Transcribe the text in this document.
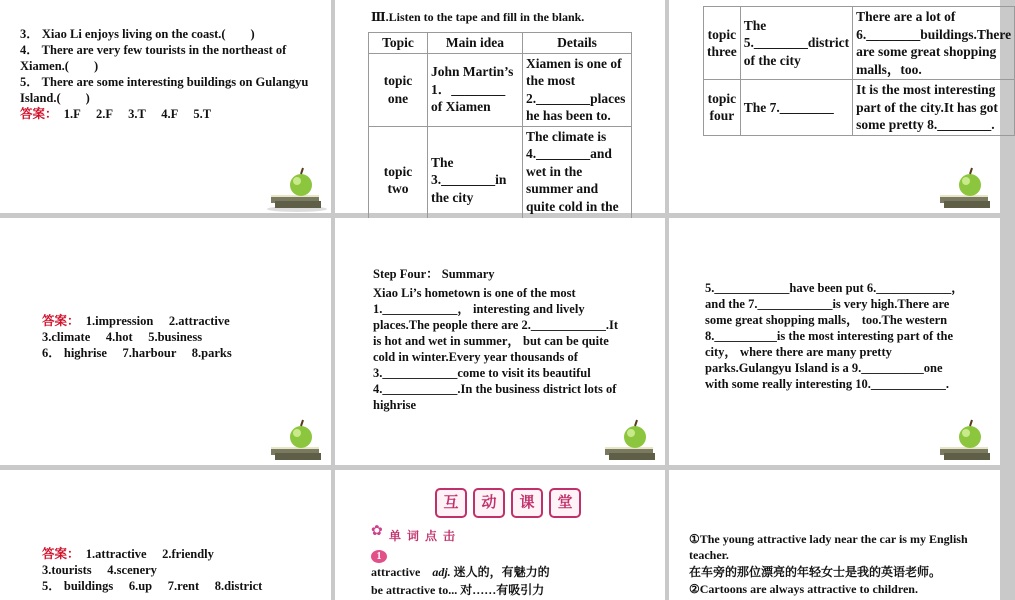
3． Xiao Li enjoys living on the coast.(　　)
4． There are very few tourists in the northeast of Xiamen.(　　)
5． There are some interesting buildings on Gulangyu Island.(　　)
答案：　 1.F　 2.F　 3.T　 4.F　 5.T
Ⅲ.Listen to the tape and fill in the blank.
Topic	Main idea	Details
topic one	John Martin’s 1．________ of Xiamen	Xiamen is one of the most 2.________places he has been to.
topic two	The 3.________in the city	The climate is 4.________and wet in the summer and quite cold in the
topic three	The 5.________district of the city	There are a lot of 6.________buildings.There are some great shopping malls，too.
topic four	The 7.________	It is the most interesting part of the city.It has got some pretty 8.________.
答案：　 1.impression　 2.attractive
3.climate　 4.hot　 5.business
6． highrise　 7.harbour　 8.parks
Step Four： Summary
Xiao Li’s hometown is one of the most 1.____________， interesting and lively places.The people there are 2.____________.It is hot and wet in summer， but can be quite cold in winter.Every year thousands of 3.____________come to visit its beautiful 4.____________.In the business district lots of highrise
5.____________have been put 6.____________，and the 7.____________is very high.There are some great shopping malls， too.The western 8.__________is the most interesting part of the city， where there are many pretty parks.Gulangyu Island is a 9.__________one with some really interesting 10.____________.
答案：　 1.attractive　 2.friendly
3.tourists　 4.scenery
5． buildings　 6.up　 7.rent　 8.district
互	动	课	堂
✿ 单词点击
1
attractive　 adj. 迷人的，有魅力的
be attractive to... 对……有吸引力
①The young attractive lady near the car is my English teacher.
在车旁的那位漂亮的年轻女士是我的英语老师。
②Cartoons are always attractive to children.
